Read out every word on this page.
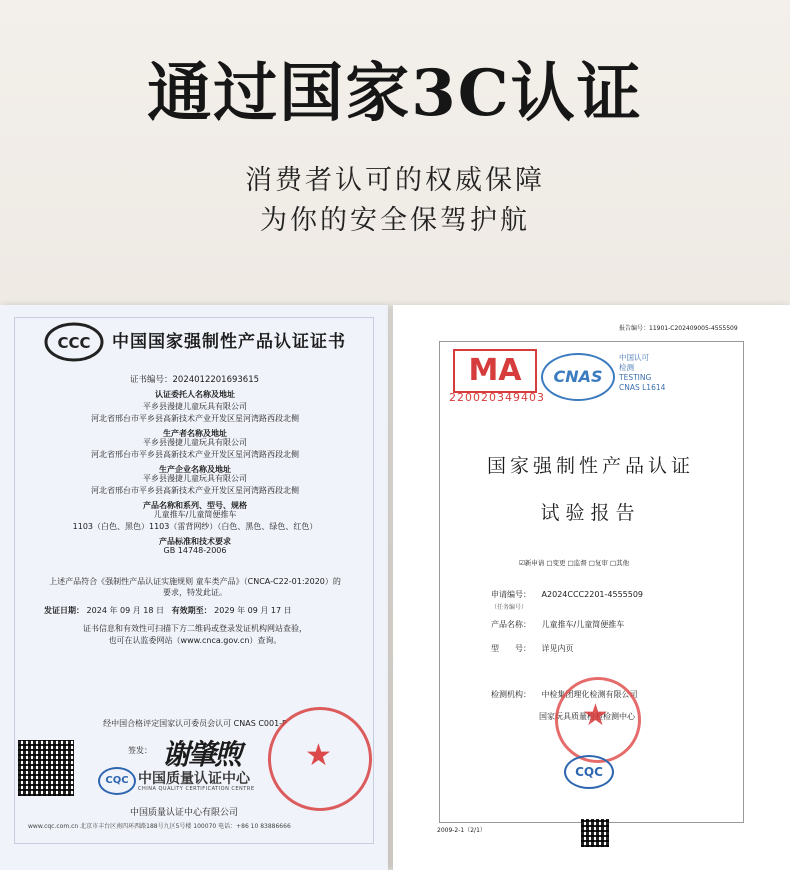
通过国家3C认证
消费者认可的权威保障
为你的安全保驾护航
CCC 中国国家强制性产品认证证书
证书编号：2024012201693615
认证委托人名称及地址
平乡县漫捷儿童玩具有限公司
河北省邢台市平乡县高新技术产业开发区星河湾路西段北侧
生产者名称及地址
平乡县漫捷儿童玩具有限公司
河北省邢台市平乡县高新技术产业开发区星河湾路西段北侧
生产企业名称及地址
平乡县漫捷儿童玩具有限公司
河北省邢台市平乡县高新技术产业开发区星河湾路西段北侧
产品名称和系列、型号、规格
儿童推车/儿童简便推车
1103（白色、黑色）1103（雷背网纱）（白色、黑色、绿色、红色）
产品标准和技术要求
GB 14748-2006
上述产品符合《强制性产品认证实施规则 童车类产品》（CNCA-C22-01:2020）的
要求，特发此证。
发证日期： 2024 年 09 月 18 日 有效期至： 2029 年 09 月 17 日
证书信息和有效性可扫描下方二维码或登录发证机构网站查验，
也可在认监委网站（www.cnca.gov.cn）查询。
经中国合格评定国家认可委员会认可 CNAS C001-P
签发： 谢肇煦
CQC 中国质量认证中心
CHINA QUALITY CERTIFICATION CENTRE
中国质量认证中心有限公司
www.cqc.com.cn 北京市丰台区南四环西路188号九区5号楼 100070 电话：+86 10 83886666
★
报告编号：11901-C2024090​05-4555509
MA
220020349403
CNAS
中国认可
检测
TESTING
CNAS L1614
国家强制性产品认证
试验报告
☑新申请 □变更 □监督 □复审 □其他
申请编号： A2024CCC2201-4555509
（任务编号）
产品名称： 儿童推车/儿童简便推车
型　　号： 详见内页
检测机构： 中检集团理化检测有限公司
国家玩具质量检验检测中心
★
CQC
2009-2-1（2/1）
